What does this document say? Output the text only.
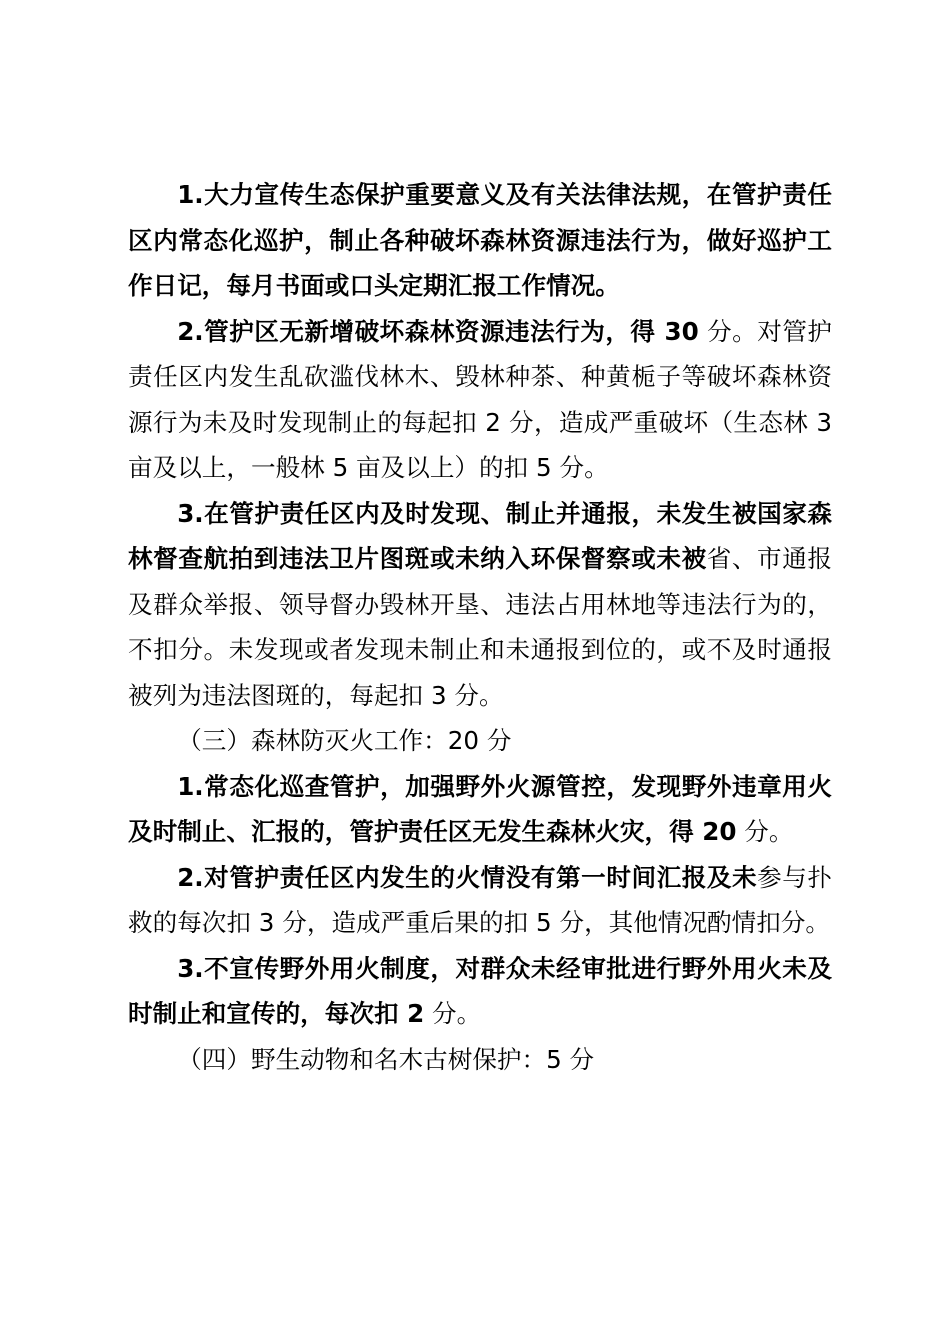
1.大力宣传生态保护重要意义及有关法律法规，在管护责任区内常态化巡护，制止各种破坏森林资源违法行为，做好巡护工作日记，每月书面或口头定期汇报工作情况。

2.管护区无新增破坏森林资源违法行为，得 30 分。对管护责任区内发生乱砍滥伐林木、毁林种茶、种黄栀子等破坏森林资源行为未及时发现制止的每起扣 2 分，造成严重破坏（生态林 3 亩及以上，一般林 5 亩及以上）的扣 5 分。

3.在管护责任区内及时发现、制止并通报，未发生被国家森林督查航拍到违法卫片图斑或未纳入环保督察或未被省、市通报及群众举报、领导督办毁林开垦、违法占用林地等违法行为的，不扣分。未发现或者发现未制止和未通报到位的，或不及时通报被列为违法图斑的，每起扣 3 分。

（三）森林防灭火工作：20 分

1.常态化巡查管护，加强野外火源管控，发现野外违章用火及时制止、汇报的，管护责任区无发生森林火灾，得 20 分。

2.对管护责任区内发生的火情没有第一时间汇报及未参与扑救的每次扣 3 分，造成严重后果的扣 5 分，其他情况酌情扣分。

3.不宣传野外用火制度，对群众未经审批进行野外用火未及时制止和宣传的，每次扣 2 分。

（四）野生动物和名木古树保护：5 分
